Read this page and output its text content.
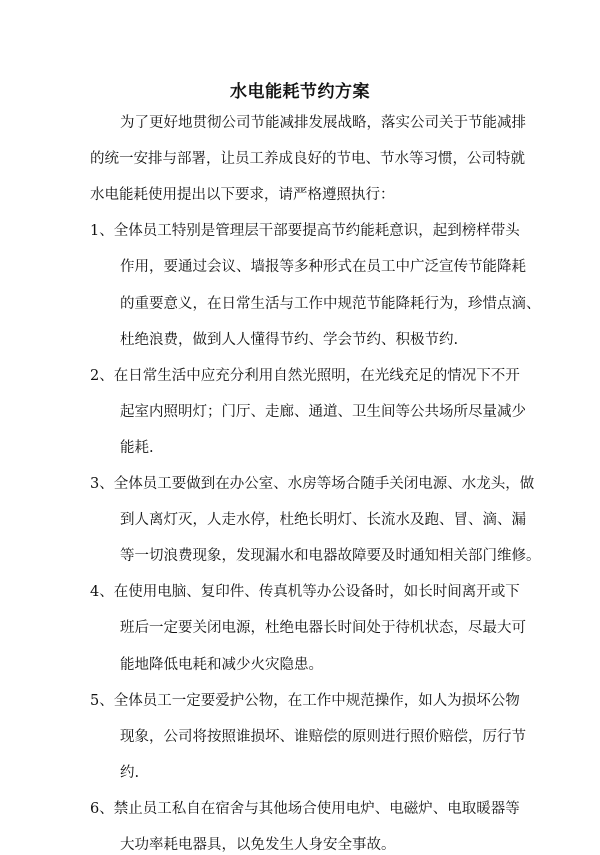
水电能耗节约方案
为了更好地贯彻公司节能减排发展战略，落实公司关于节能减排
的统一安排与部署，让员工养成良好的节电、节水等习惯，公司特就
水电能耗使用提出以下要求，请严格遵照执行：
1、全体员工特别是管理层干部要提高节约能耗意识，起到榜样带头
作用，要通过会议、墙报等多种形式在员工中广泛宣传节能降耗
的重要意义，在日常生活与工作中规范节能降耗行为，珍惜点滴、
杜绝浪费，做到人人懂得节约、学会节约、积极节约.
2、在日常生活中应充分利用自然光照明，在光线充足的情况下不开
起室内照明灯；门厅、走廊、通道、卫生间等公共场所尽量减少
能耗.
3、全体员工要做到在办公室、水房等场合随手关闭电源、水龙头，做
到人离灯灭，人走水停，杜绝长明灯、长流水及跑、冒、滴、漏
等一切浪费现象，发现漏水和电器故障要及时通知相关部门维修。
4、在使用电脑、复印件、传真机等办公设备时，如长时间离开或下
班后一定要关闭电源，杜绝电器长时间处于待机状态，尽最大可
能地降低电耗和减少火灾隐患。
5、全体员工一定要爱护公物，在工作中规范操作，如人为损坏公物
现象，公司将按照谁损坏、谁赔偿的原则进行照价赔偿，厉行节
约.
6、禁止员工私自在宿舍与其他场合使用电炉、电磁炉、电取暖器等
大功率耗电器具，以免发生人身安全事故。
